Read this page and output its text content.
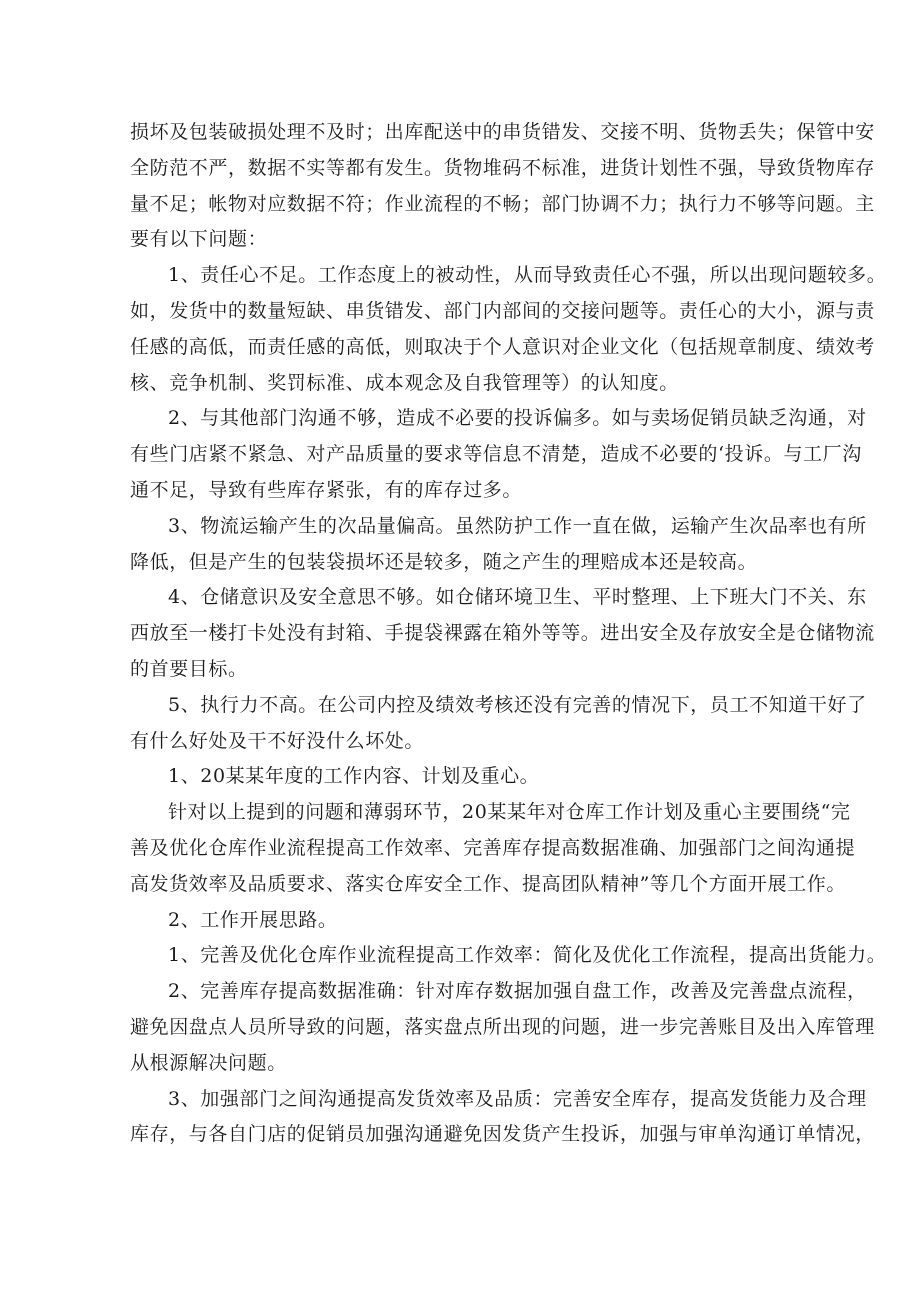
损坏及包装破损处理不及时；出库配送中的串货错发、交接不明、货物丢失；保管中安
全防范不严，数据不实等都有发生。货物堆码不标准，进货计划性不强，导致货物库存
量不足；帐物对应数据不符；作业流程的不畅；部门协调不力；执行力不够等问题。主
要有以下问题：
1、责任心不足。工作态度上的被动性，从而导致责任心不强，所以出现问题较多。
如，发货中的数量短缺、串货错发、部门内部间的交接问题等。责任心的大小，源与责
任感的高低，而责任感的高低，则取决于个人意识对企业文化（包括规章制度、绩效考
核、竞争机制、奖罚标准、成本观念及自我管理等）的认知度。
2、与其他部门沟通不够，造成不必要的投诉偏多。如与卖场促销员缺乏沟通，对
有些门店紧不紧急、对产品质量的要求等信息不清楚，造成不必要的‘投诉。与工厂沟
通不足，导致有些库存紧张，有的库存过多。
3、物流运输产生的次品量偏高。虽然防护工作一直在做，运输产生次品率也有所
降低，但是产生的包装袋损坏还是较多，随之产生的理赔成本还是较高。
4、仓储意识及安全意思不够。如仓储环境卫生、平时整理、上下班大门不关、东
西放至一楼打卡处没有封箱、手提袋裸露在箱外等等。进出安全及存放安全是仓储物流
的首要目标。
5、执行力不高。在公司内控及绩效考核还没有完善的情况下，员工不知道干好了
有什么好处及干不好没什么坏处。
1、20某某年度的工作内容、计划及重心。
针对以上提到的问题和薄弱环节，20某某年对仓库工作计划及重心主要围绕“完
善及优化仓库作业流程提高工作效率、完善库存提高数据准确、加强部门之间沟通提
高发货效率及品质要求、落实仓库安全工作、提高团队精神”等几个方面开展工作。
2、工作开展思路。
1、完善及优化仓库作业流程提高工作效率：简化及优化工作流程，提高出货能力。
2、完善库存提高数据准确：针对库存数据加强自盘工作，改善及完善盘点流程，
避免因盘点人员所导致的问题，落实盘点所出现的问题，进一步完善账目及出入库管理
从根源解决问题。
3、加强部门之间沟通提高发货效率及品质：完善安全库存，提高发货能力及合理
库存，与各自门店的促销员加强沟通避免因发货产生投诉，加强与审单沟通订单情况，
